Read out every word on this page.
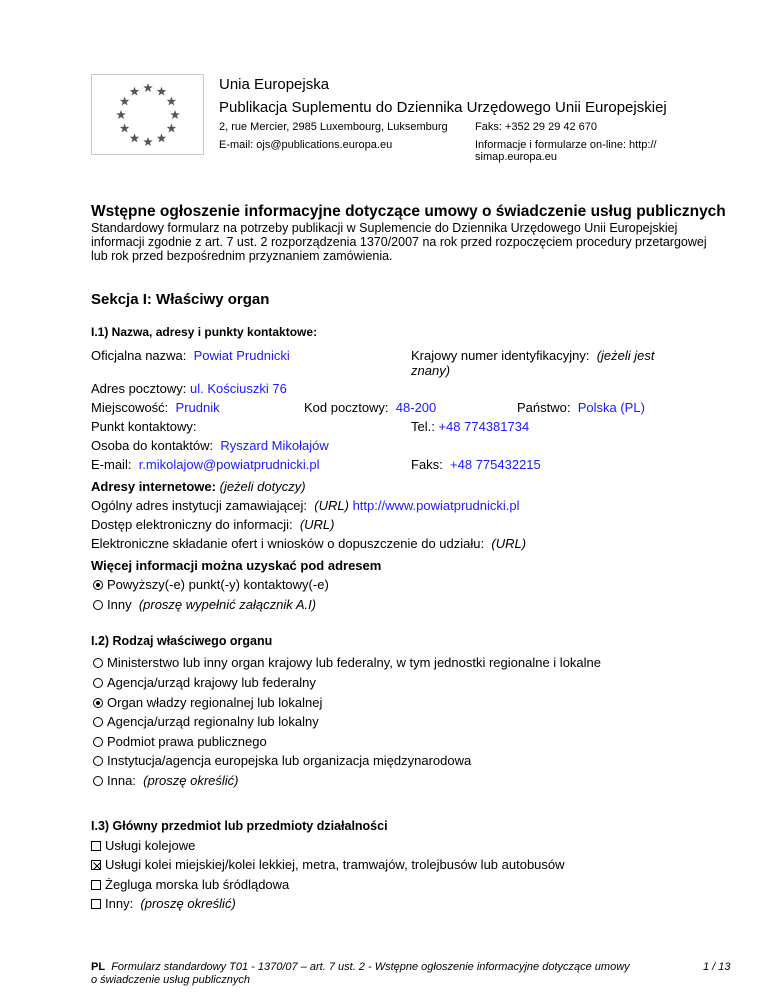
Unia Europejska
Publikacja Suplementu do Dziennika Urzędowego Unii Europejskiej
2, rue Mercier, 2985 Luxembourg, Luksemburg Faks: +352 29 29 42 670
E-mail: ojs@publications.europa.eu	Informacje i formularze on-line: http://
simap.europa.eu
Wstępne ogłoszenie informacyjne dotyczące umowy o świadczenie usług publicznych
Standardowy formularz na potrzeby publikacji w Suplemencie do Dziennika Urzędowego Unii Europejskiej
informacji zgodnie z art. 7 ust. 2 rozporządzenia 1370/2007 na rok przed rozpoczęciem procedury przetargowej
lub rok przed bezpośrednim przyznaniem zamówienia.
Sekcja I: Właściwy organ
I.1) Nazwa, adresy i punkty kontaktowe:
Oficjalna nazwa: Powiat Prudnicki	Krajowy numer identyfikacyjny: (jeżeli jest
znany)
Adres pocztowy: ul. Kościuszki 76
Miejscowość: Prudnik	Kod pocztowy: 48-200	Państwo: Polska (PL)
Punkt kontaktowy:	Tel.: +48 774381734
Osoba do kontaktów: Ryszard Mikołajów
E-mail: r.mikolajow@powiatprudnicki.pl	Faks: +48 775432215
Adresy internetowe: (jeżeli dotyczy)
Ogólny adres instytucji zamawiającej: (URL) http://www.powiatprudnicki.pl
Dostęp elektroniczny do informacji: (URL)
Elektroniczne składanie ofert i wniosków o dopuszczenie do udziału: (URL)
Więcej informacji można uzyskać pod adresem
Powyższy(-e) punkt(-y) kontaktowy(-e)
Inny (proszę wypełnić załącznik A.I)
I.2) Rodzaj właściwego organu
Ministerstwo lub inny organ krajowy lub federalny, w tym jednostki regionalne i lokalne
Agencja/urząd krajowy lub federalny
Organ władzy regionalnej lub lokalnej
Agencja/urząd regionalny lub lokalny
Podmiot prawa publicznego
Instytucja/agencja europejska lub organizacja międzynarodowa
Inna: (proszę określić)
I.3) Główny przedmiot lub przedmioty działalności
Usługi kolejowe
Usługi kolei miejskiej/kolei lekkiej, metra, tramwajów, trolejbusów lub autobusów
Żegluga morska lub śródlądowa
Inny: (proszę określić)
PL Formularz standardowy T01 - 1370/07 – art. 7 ust. 2 - Wstępne ogłoszenie informacyjne dotyczące umowy
o świadczenie usług publicznych
1 / 13
